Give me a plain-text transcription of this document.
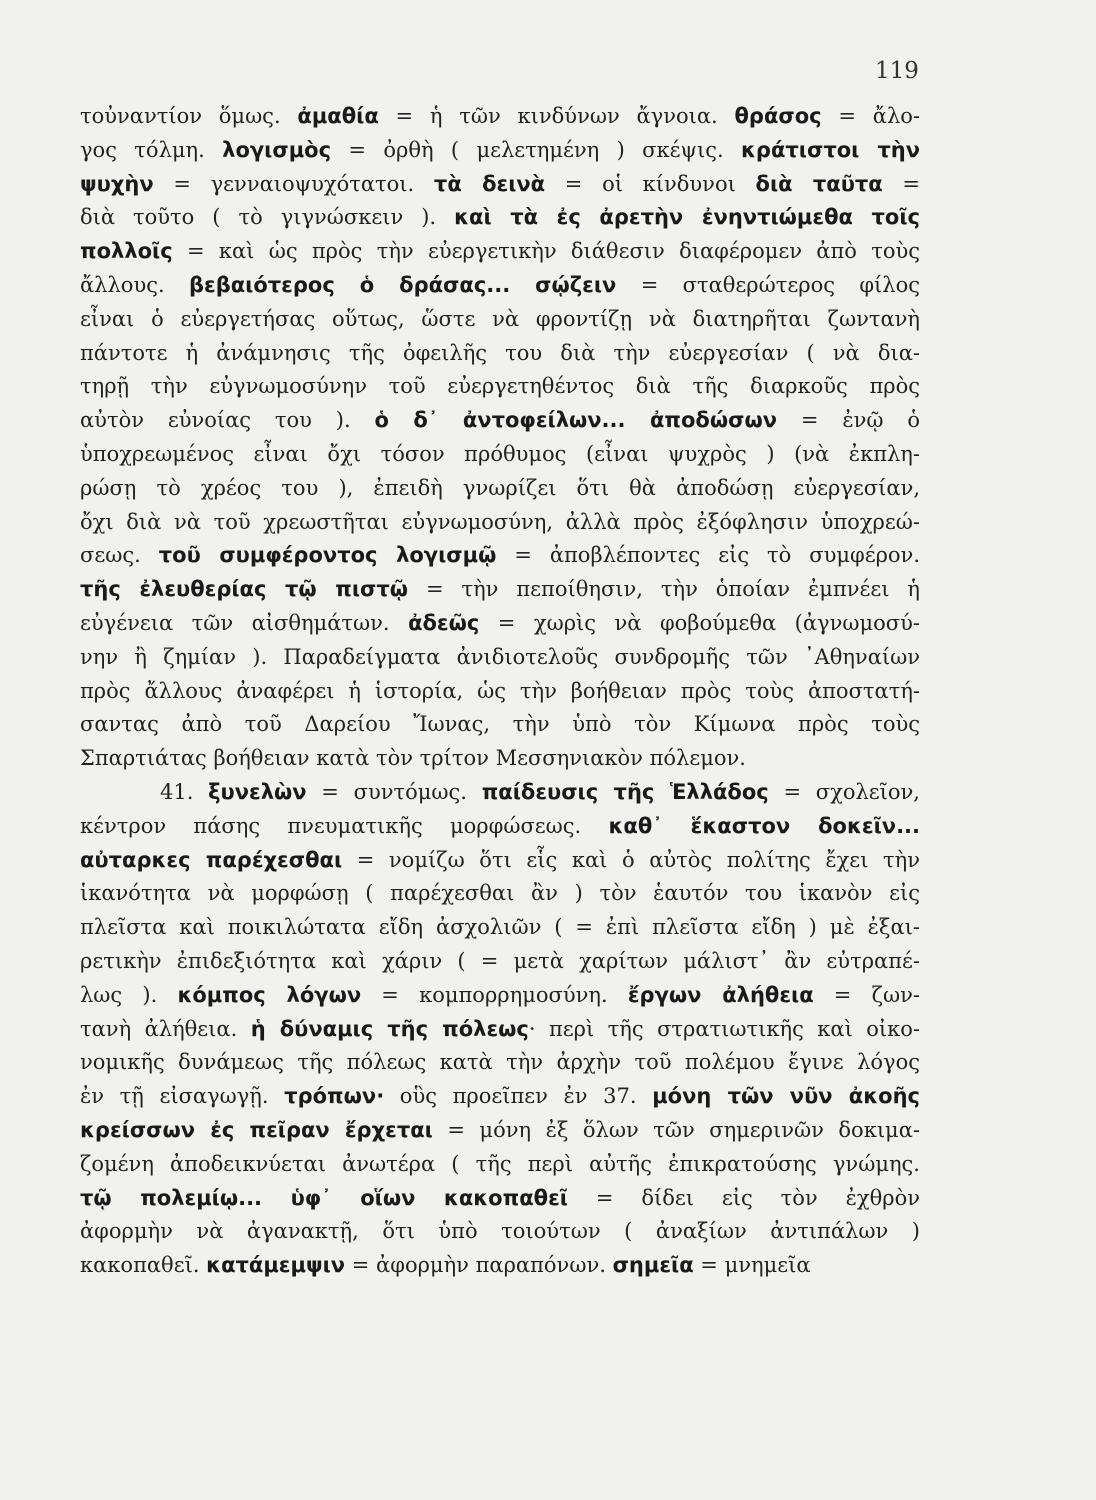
119
τοὐναντίον ὅμως. ἀμαθία = ἡ τῶν κινδύνων ἄγνοια. θράσος = ἄλο-
γος τόλμη. λογισμὸς = ὀρθὴ ( μελετημένη ) σκέψις. κράτιστοι τὴν
ψυχὴν = γενναιοψυχότατοι. τὰ δεινὰ = οἱ κίνδυνοι διὰ ταῦτα =
διὰ τοῦτο ( τὸ γιγνώσκειν ). καὶ τὰ ἐς ἀρετὴν ἐνηντιώμεθα τοῖς
πολλοῖς = καὶ ὡς πρὸς τὴν εὐεργετικὴν διάθεσιν διαφέρομεν ἀπὸ τοὺς
ἄλλους. βεβαιότερος ὁ δράσας... σῴζειν = σταθερώτερος φίλος
εἶναι ὁ εὐεργετήσας οὕτως, ὥστε νὰ φροντίζῃ νὰ διατηρῆται ζωντανὴ
πάντοτε ἡ ἀνάμνησις τῆς ὀφειλῆς του διὰ τὴν εὐεργεσίαν ( νὰ δια-
τηρῇ τὴν εὐγνωμοσύνην τοῦ εὐεργετηθέντος διὰ τῆς διαρκοῦς πρὸς
αὐτὸν εὐνοίας του ). ὁ δ᾽ ἀντοφείλων... ἀποδώσων = ἐνῷ ὁ
ὑποχρεωμένος εἶναι ὄχι τόσον πρόθυμος (εἶναι ψυχρὸς ) (νὰ ἐκπλη-
ρώσῃ τὸ χρέος του ), ἐπειδὴ γνωρίζει ὅτι θὰ ἀποδώσῃ εὐεργεσίαν,
ὄχι διὰ νὰ τοῦ χρεωστῆται εὐγνωμοσύνη, ἀλλὰ πρὸς ἐξόφλησιν ὑποχρεώ-
σεως. τοῦ συμφέροντος λογισμῷ = ἀποβλέποντες εἰς τὸ συμφέρον.
τῆς ἐλευθερίας τῷ πιστῷ = τὴν πεποίθησιν, τὴν ὁποίαν ἐμπνέει ἡ
εὐγένεια τῶν αἰσθημάτων. ἀδεῶς = χωρὶς νὰ φοβούμεθα (ἀγνωμοσύ-
νην ἢ ζημίαν ). Παραδείγματα ἀνιδιοτελοῦς συνδρομῆς τῶν ᾿Αθηναίων
πρὸς ἄλλους ἀναφέρει ἡ ἱστορία, ὡς τὴν βοήθειαν πρὸς τοὺς ἀποστατή-
σαντας ἀπὸ τοῦ Δαρείου Ἴωνας, τὴν ὑπὸ τὸν Κίμωνα πρὸς τοὺς
Σπαρτιάτας βοήθειαν κατὰ τὸν τρίτον Μεσσηνιακὸν πόλεμον.
41. ξυνελὼν = συντόμως. παίδευσις τῆς Ἑλλάδος = σχολεῖον,
κέντρον πάσης πνευματικῆς μορφώσεως. καθ᾽ ἕκαστον δοκεῖν...
αὐταρκες παρέχεσθαι = νομίζω ὅτι εἷς καὶ ὁ αὐτὸς πολίτης ἔχει τὴν
ἱκανότητα νὰ μορφώσῃ ( παρέχεσθαι ἂν ) τὸν ἑαυτόν του ἱκανὸν εἰς
πλεῖστα καὶ ποικιλώτατα εἴδη ἀσχολιῶν ( = ἐπὶ πλεῖστα εἴδη ) μὲ ἐξαι-
ρετικὴν ἐπιδεξιότητα καὶ χάριν ( = μετὰ χαρίτων μάλιστ᾽ ἂν εὐτραπέ-
λως ). κόμπος λόγων = κομπορρημοσύνη. ἔργων ἀλήθεια = ζων-
τανὴ ἀλήθεια. ἡ δύναμις τῆς πόλεως· περὶ τῆς στρατιωτικῆς καὶ οἰκο-
νομικῆς δυνάμεως τῆς πόλεως κατὰ τὴν ἀρχὴν τοῦ πολέμου ἔγινε λόγος
ἐν τῇ εἰσαγωγῇ. τρόπων· οὓς προεῖπεν ἐν 37. μόνη τῶν νῦν ἀκοῆς
κρείσσων ἐς πεῖραν ἔρχεται = μόνη ἐξ ὅλων τῶν σημερινῶν δοκιμα-
ζομένη ἀποδεικνύεται ἀνωτέρα ( τῆς περὶ αὐτῆς ἐπικρατούσης γνώμης.
τῷ πολεμίῳ... ὑφ᾽ οἵων κακοπαθεῖ = δίδει εἰς τὸν ἐχθρὸν
ἀφορμὴν νὰ ἀγανακτῇ, ὅτι ὑπὸ τοιούτων ( ἀναξίων ἀντιπάλων )
κακοπαθεῖ. κατάμεμψιν = ἀφορμὴν παραπόνων. σημεῖα = μνημεῖα
